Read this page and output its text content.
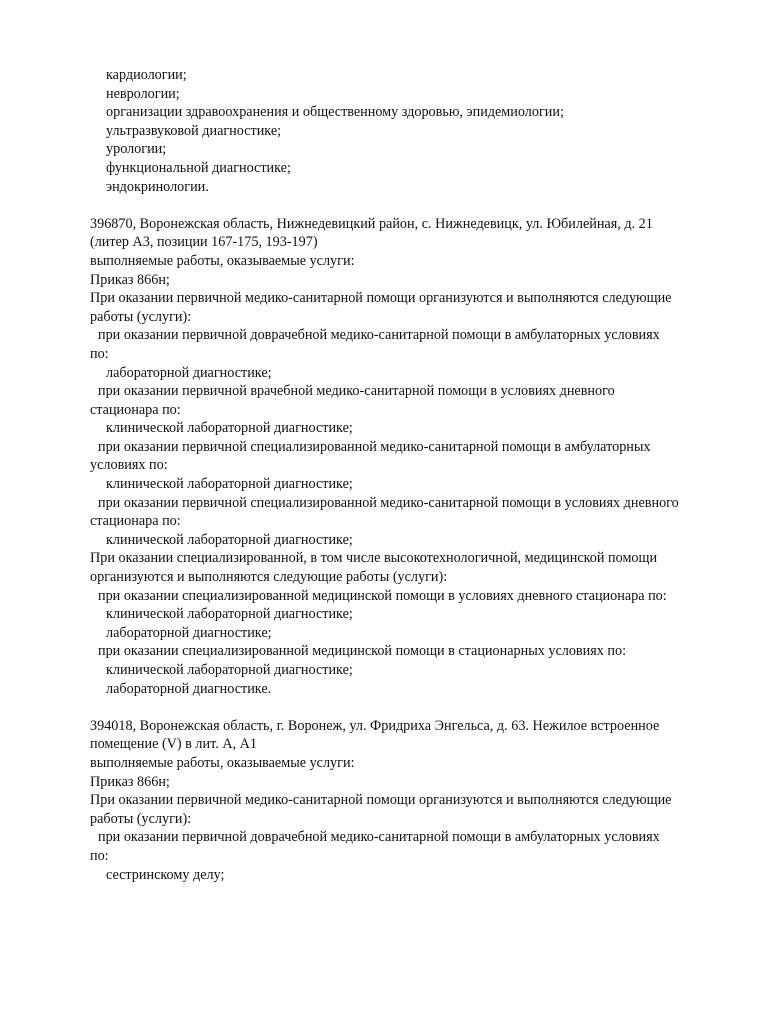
кардиологии;
неврологии;
организации здравоохранения и общественному здоровью, эпидемиологии;
ультразвуковой диагностике;
урологии;
функциональной диагностике;
эндокринологии.
396870, Воронежская область, Нижнедевицкий район, с. Нижнедевицк, ул. Юбилейная, д. 21
(литер А3, позиции 167-175, 193-197)
выполняемые работы, оказываемые услуги:
Приказ 866н;
При оказании первичной медико-санитарной помощи организуются и выполняются следующие
работы (услуги):
при оказании первичной доврачебной медико-санитарной помощи в амбулаторных условиях
по:
лабораторной диагностике;
при оказании первичной врачебной медико-санитарной помощи в условиях дневного
стационара по:
клинической лабораторной диагностике;
при оказании первичной специализированной медико-санитарной помощи в амбулаторных
условиях по:
клинической лабораторной диагностике;
при оказании первичной специализированной медико-санитарной помощи в условиях дневного
стационара по:
клинической лабораторной диагностике;
При оказании специализированной, в том числе высокотехнологичной, медицинской помощи
организуются и выполняются следующие работы (услуги):
при оказании специализированной медицинской помощи в условиях дневного стационара по:
клинической лабораторной диагностике;
лабораторной диагностике;
при оказании специализированной медицинской помощи в стационарных условиях по:
клинической лабораторной диагностике;
лабораторной диагностике.
394018, Воронежская область, г. Воронеж, ул. Фридриха Энгельса, д. 63. Нежилое встроенное
помещение (V) в лит. А, А1
выполняемые работы, оказываемые услуги:
Приказ 866н;
При оказании первичной медико-санитарной помощи организуются и выполняются следующие
работы (услуги):
при оказании первичной доврачебной медико-санитарной помощи в амбулаторных условиях
по:
сестринскому делу;
